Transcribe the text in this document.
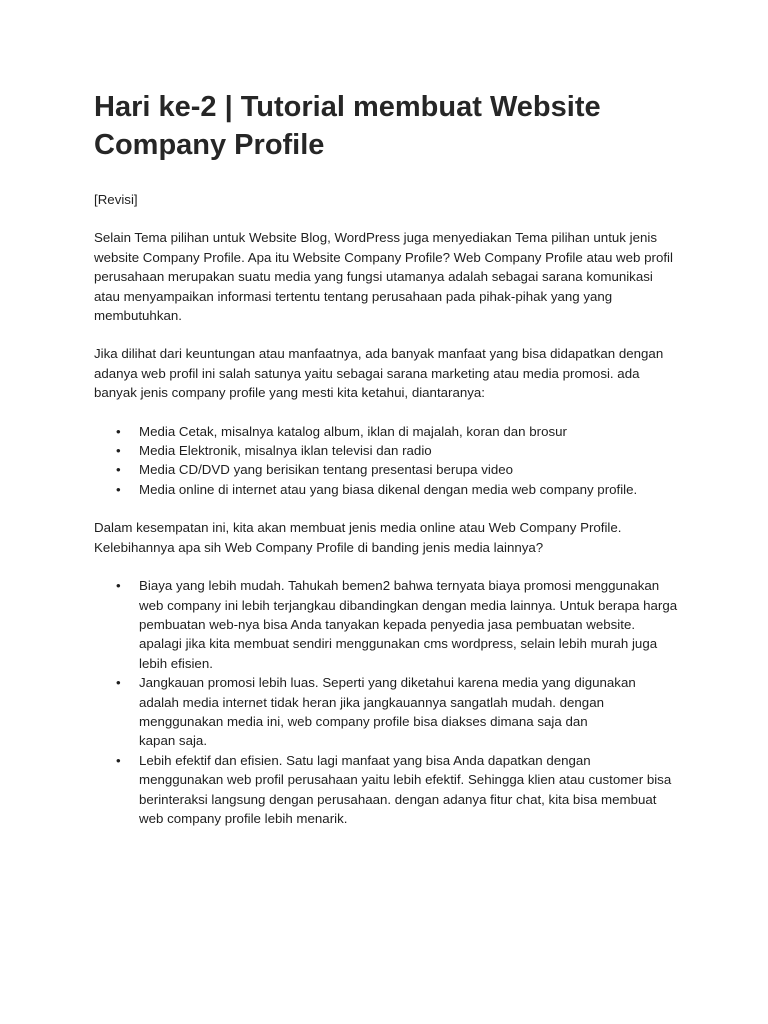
Hari ke-2 | Tutorial membuat Website Company Profile

[Revisi]

Selain Tema pilihan untuk Website Blog, WordPress juga menyediakan Tema pilihan untuk jenis website Company Profile. Apa itu Website Company Profile? Web Company Profile atau web profil perusahaan merupakan suatu media yang fungsi utamanya adalah sebagai sarana komunikasi atau menyampaikan informasi tertentu tentang perusahaan pada pihak-pihak yang yang membutuhkan.

Jika dilihat dari keuntungan atau manfaatnya, ada banyak manfaat yang bisa didapatkan dengan adanya web profil ini salah satunya yaitu sebagai sarana marketing atau media promosi. ada banyak jenis company profile yang mesti kita ketahui, diantaranya:

• Media Cetak, misalnya katalog album, iklan di majalah, koran dan brosur
• Media Elektronik, misalnya iklan televisi dan radio
• Media CD/DVD yang berisikan tentang presentasi berupa video
• Media online di internet atau yang biasa dikenal dengan media web company profile.

Dalam kesempatan ini, kita akan membuat jenis media online atau Web Company Profile. Kelebihannya apa sih Web Company Profile di banding jenis media lainnya?

• Biaya yang lebih mudah. Tahukah bemen2 bahwa ternyata biaya promosi menggunakan web company ini lebih terjangkau dibandingkan dengan media lainnya. Untuk berapa harga pembuatan web-nya bisa Anda tanyakan kepada penyedia jasa pembuatan website. apalagi jika kita membuat sendiri menggunakan cms wordpress, selain lebih murah juga lebih efisien.
• Jangkauan promosi lebih luas. Seperti yang diketahui karena media yang digunakan adalah media internet tidak heran jika jangkauannya sangatlah mudah. dengan menggunakan media ini, web company profile bisa diakses dimana saja dan
kapan saja.
• Lebih efektif dan efisien. Satu lagi manfaat yang bisa Anda dapatkan dengan menggunakan web profil perusahaan yaitu lebih efektif. Sehingga klien atau customer bisa berinteraksi langsung dengan perusahaan. dengan adanya fitur chat, kita bisa membuat web company profile lebih menarik.
